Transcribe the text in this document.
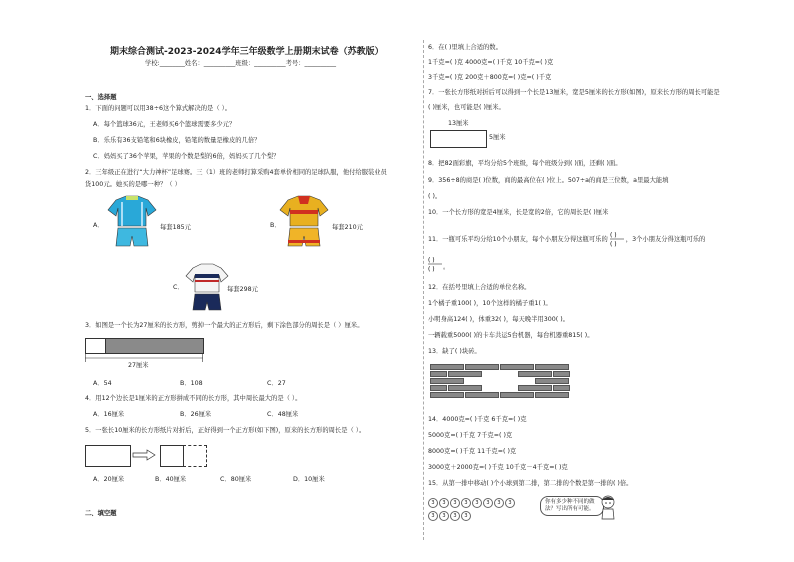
期末综合测试-2023-2024学年三年级数学上册期末试卷（苏教版）
学校:________姓名：__________班级：__________考号：__________
一、选择题
1．下面的问题可以用38÷6这个算式解决的是（ ）。
A．每个篮球36元，王老师买6个篮球需要多少元？
B．乐乐有36支铅笔和6块橡皮，铅笔的数量是橡皮的几倍？
C．妈妈买了36个苹果，苹果的个数是梨的6倍，妈妈买了几个梨？
2．三年级正在进行“大力神杯”足球赛。三（1）班的老师打算采购4套单价相同的足球队服，他付给服装业员
货100元。她买的是哪一种？（ ）
A．	每套185元	B．	每套210元
C．	每套298元
3．如图是一个长为27厘米的长方形，剪掉一个最大的正方形后，剩下涂色部分的周长是（ ）厘米。
27厘米
A．54	B．108	C．27
4．用12个边长是1厘米的正方形拼成不同的长方形，其中周长最大的是（ ）。
A．16厘米	B．26厘米	C．48厘米
5．一张长10厘米的长方形纸片对折后，正好得到一个正方形(如下图)，原来的长方形的周长是（ ）。
A．20厘米	B．40厘米	C．80厘米	D．10厘米
二、填空题
6．在( )里填上合适的数。
1千克=( )克 4000克=( )千克 10千克=( )克
3千克=( )克 200克＋800克=( )克=( )千克
7．一张长方形纸对折后可以得到一个长是13厘米，宽是5厘米的长方形(如图)，原来长方形的周长可能是
( )厘米，也可能是( )厘米。
13厘米
5厘米
8．把82面彩旗，平均分给5个班级，每个班级分到( )面，还剩( )面。
9．356÷8的商是( )位数，商的最高位在( )位上。507÷a的商是三位数，a里最大能填
( )。
10．一个长方形的宽是4厘米，长是宽的2倍，它的周长是( )厘米
11．一瓶可乐平均分给10个小朋友，每个小朋友分得这瓶可乐的
( )
( )
，3个小朋友分得这瓶可乐的
( )
( ) 。
12．在括号里填上合适的单位名称。
1个橘子重100( )，10个这样的橘子重1( )。
小明身高124( )，体重32( )，每天晚半用300( )。
一辆载重5000( )的卡车共运5台机器，每台机器重815( )。
13．缺了( )块砖。
14．4000克=( )千克 6千克=( )克
5000克=( )千克 7千克=( )克
8000克=( )千克 11千克=( )克
3000克＋2000克=( )千克 10千克－4千克=( )克
15．从第一排中移动( )个小球到第二排，第二排的个数是第一排的( )倍。
3	3	3	3	3	3	3	3
3	3	3	3
你有多少种不同的做法？写出所有可能。
